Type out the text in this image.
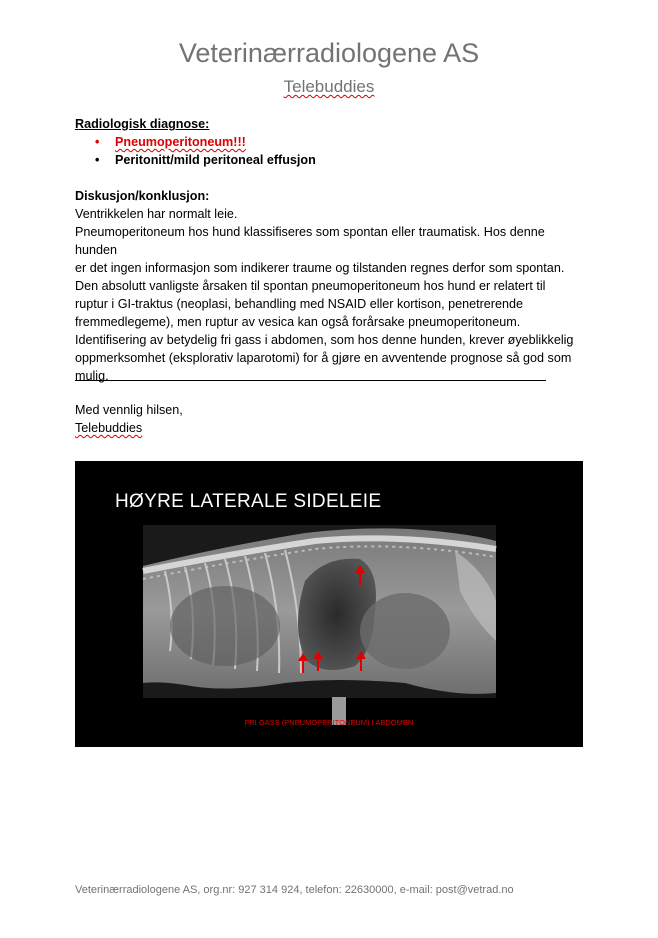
Veterinærradiologene AS
Telebuddies
Radiologisk diagnose:
• Pneumoperitoneum!!!
• Peritonitt/mild peritoneal effusjon
Diskusjon/konklusjon:
Ventrikkelen har normalt leie.
Pneumoperitoneum hos hund klassifiseres som spontan eller traumatisk. Hos denne hunden
er det ingen informasjon som indikerer traume og tilstanden regnes derfor som spontan.
Den absolutt vanligste årsaken til spontan pneumoperitoneum hos hund er relatert til
ruptur i GI-traktus (neoplasi, behandling med NSAID eller kortison, penetrerende
fremmedlegeme), men ruptur av vesica kan også forårsake pneumoperitoneum.
Identifisering av betydelig fri gass i abdomen, som hos denne hunden, krever øyeblikkelig
oppmerksomhet (eksplorativ laparotomi) for å gjøre en avventende prognose så god som
mulig.
Med vennlig hilsen,
Telebuddies
HØYRE LATERALE SIDELEIE
FRI GASS (PNEUMOPERITONEUM) I ABDOMEN
Veterinærradiologene AS, org.nr: 927 314 924, telefon: 22630000, e-mail: post@vetrad.no
